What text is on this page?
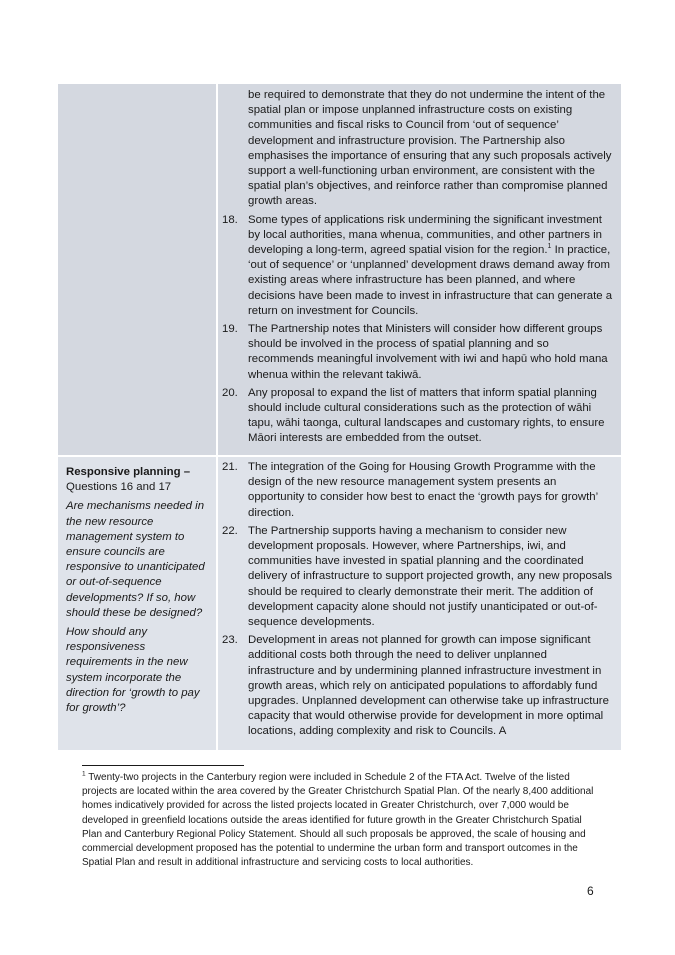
be required to demonstrate that they do not undermine the intent of the spatial plan or impose unplanned infrastructure costs on existing communities and fiscal risks to Council from ‘out of sequence’ development and infrastructure provision. The Partnership also emphasises the importance of ensuring that any such proposals actively support a well-functioning urban environment, are consistent with the spatial plan’s objectives, and reinforce rather than compromise planned growth areas.
18. Some types of applications risk undermining the significant investment by local authorities, mana whenua, communities, and other partners in developing a long-term, agreed spatial vision for the region.$^1$ In practice, ‘out of sequence’ or ‘unplanned’ development draws demand away from existing areas where infrastructure has been planned, and where decisions have been made to invest in infrastructure that can generate a return on investment for Councils.
19. The Partnership notes that Ministers will consider how different groups should be involved in the process of spatial planning and so recommends meaningful involvement with iwi and hapū who hold mana whenua within the relevant takiwā.
20. Any proposal to expand the list of matters that inform spatial planning should include cultural considerations such as the protection of wāhi tapu, wāhi taonga, cultural landscapes and customary rights, to ensure Māori interests are embedded from the outset.
Responsive planning –
Questions 16 and 17
Are mechanisms needed in the new resource management system to ensure councils are responsive to unanticipated or out-of-sequence developments? If so, how should these be designed?
How should any responsiveness requirements in the new system incorporate the direction for ‘growth to pay for growth’?
21. The integration of the Going for Housing Growth Programme with the design of the new resource management system presents an opportunity to consider how best to enact the ‘growth pays for growth’ direction.
22. The Partnership supports having a mechanism to consider new development proposals. However, where Partnerships, iwi, and communities have invested in spatial planning and the coordinated delivery of infrastructure to support projected growth, any new proposals should be required to clearly demonstrate their merit. The addition of development capacity alone should not justify unanticipated or out-of-sequence developments.
23. Development in areas not planned for growth can impose significant additional costs both through the need to deliver unplanned infrastructure and by undermining planned infrastructure investment in growth areas, which rely on anticipated populations to affordably fund upgrades. Unplanned development can otherwise take up infrastructure capacity that would otherwise provide for development in more optimal locations, adding complexity and risk to Councils. A
$^1$ Twenty-two projects in the Canterbury region were included in Schedule 2 of the FTA Act. Twelve of the listed projects are located within the area covered by the Greater Christchurch Spatial Plan. Of the nearly 8,400 additional homes indicatively provided for across the listed projects located in Greater Christchurch, over 7,000 would be developed in greenfield locations outside the areas identified for future growth in the Greater Christchurch Spatial Plan and Canterbury Regional Policy Statement. Should all such proposals be approved, the scale of housing and commercial development proposed has the potential to undermine the urban form and transport outcomes in the Spatial Plan and result in additional infrastructure and servicing costs to local authorities.
6
